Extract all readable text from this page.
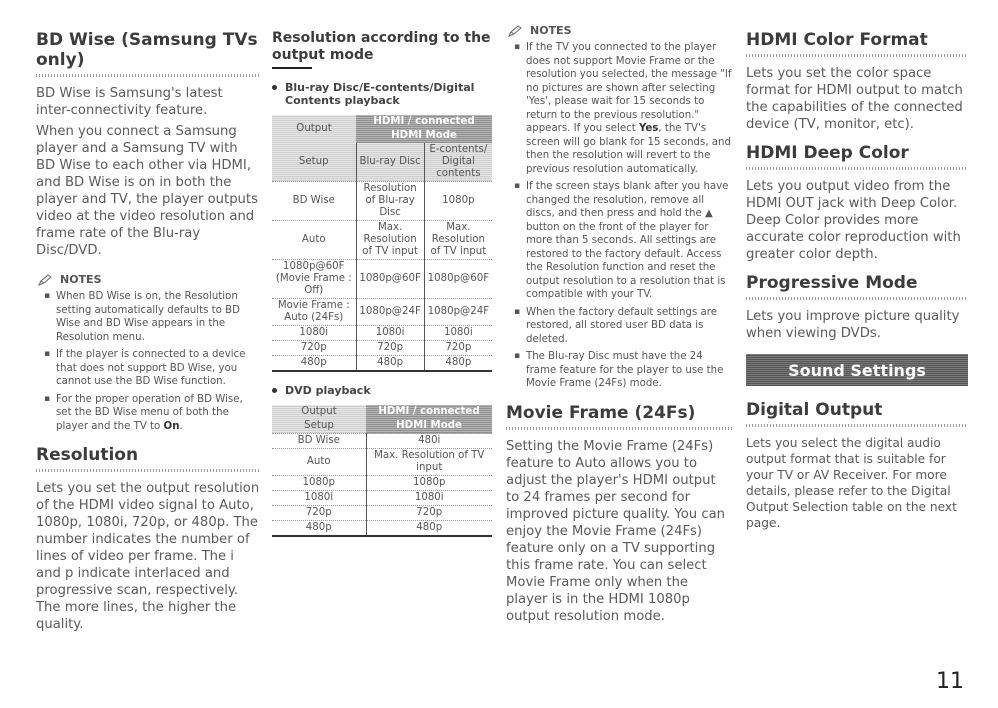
BD Wise (Samsung TVs only)

BD Wise is Samsung's latest inter-connectivity feature.

When you connect a Samsung player and a Samsung TV with BD Wise to each other via HDMI, and BD Wise is on in both the player and TV, the player outputs video at the video resolution and frame rate of the Blu-ray Disc/DVD.

NOTES
▪ When BD Wise is on, the Resolution setting automatically defaults to BD Wise and BD Wise appears in the Resolution menu.
▪ If the player is connected to a device that does not support BD Wise, you cannot use the BD Wise function.
▪ For the proper operation of BD Wise, set the BD Wise menu of both the player and the TV to On.
Resolution
Lets you set the output resolution of the HDMI video signal to Auto, 1080p, 1080i, 720p, or 480p. The number indicates the number of lines of video per frame. The i and p indicate interlaced and progressive scan, respectively. The more lines, the higher the quality.
Resolution according to the output mode
Blu-ray Disc/E-contents/Digital Contents playback
Output	HDMI / connected	
	HDMI Mode	
Setup	Blu-ray Disc	E-contents/ Digital contents
BD Wise	Resolution of Blu-ray Disc	1080p
Auto	Max. Resolution of TV input	Max. Resolution of TV input
1080p@60F (Movie Frame : Off)	1080p@60F	1080p@60F
Movie Frame : Auto (24Fs)	1080p@24F	1080p@24F
1080i	1080i	1080i
720p	720p	720p
480p	480p	480p
DVD playback
Output	HDMI / connected
Setup	HDMI Mode
BD Wise	480i
Auto	Max. Resolution of TV input
1080p	1080p
1080i	1080i
720p	720p
480p	480p
NOTES
▪ If the TV you connected to the player does not support Movie Frame or the resolution you selected, the message "If no pictures are shown after selecting 'Yes', please wait for 15 seconds to return to the previous resolution." appears. If you select Yes, the TV's screen will go blank for 15 seconds, and then the resolution will revert to the previous resolution automatically.
▪ If the screen stays blank after you have changed the resolution, remove all discs, and then press and hold the ▲ button on the front of the player for more than 5 seconds. All settings are restored to the factory default. Access the Resolution function and reset the output resolution to a resolution that is compatible with your TV.
▪ When the factory default settings are restored, all stored user BD data is deleted.
▪ The Blu-ray Disc must have the 24 frame feature for the player to use the Movie Frame (24Fs) mode.
Movie Frame (24Fs)
Setting the Movie Frame (24Fs) feature to Auto allows you to adjust the player's HDMI output to 24 frames per second for improved picture quality. You can enjoy the Movie Frame (24Fs) feature only on a TV supporting this frame rate. You can select Movie Frame only when the player is in the HDMI 1080p output resolution mode.
HDMI Color Format
Lets you set the color space format for HDMI output to match the capabilities of the connected device (TV, monitor, etc).
HDMI Deep Color
Lets you output video from the HDMI OUT jack with Deep Color. Deep Color provides more accurate color reproduction with greater color depth.
Progressive Mode
Lets you improve picture quality when viewing DVDs.
Sound Settings
Digital Output
Lets you select the digital audio output format that is suitable for your TV or AV Receiver. For more details, please refer to the Digital Output Selection table on the next page.
11
